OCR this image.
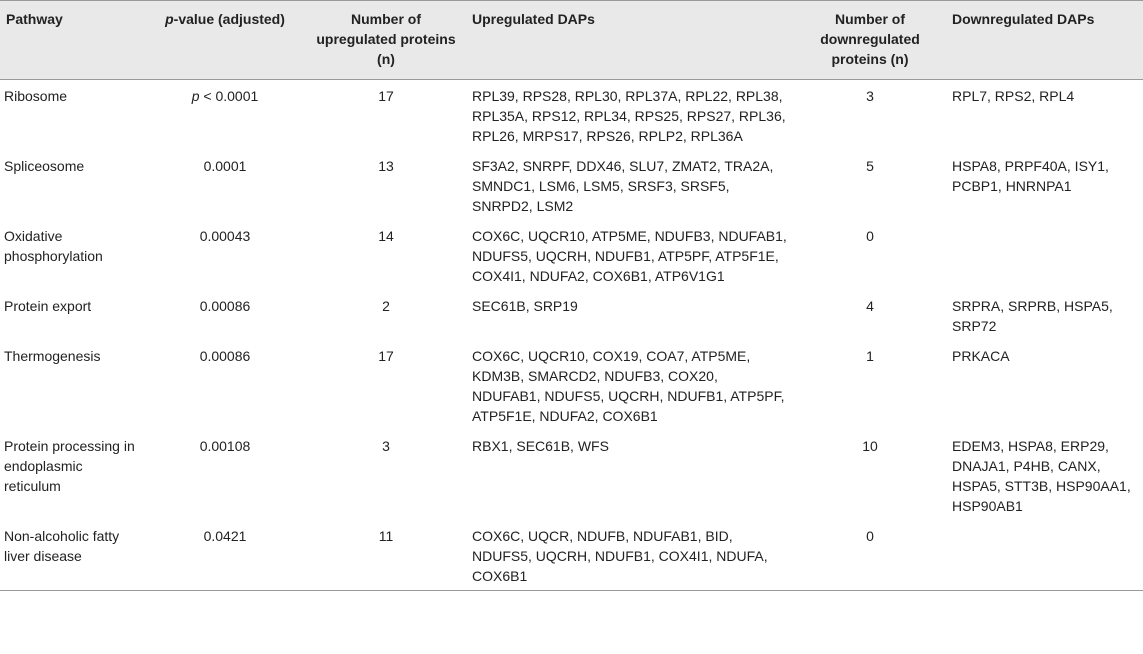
Pathway	p-value (adjusted)	Number of upregulated proteins (n)	Upregulated DAPs	Number of downregulated proteins (n)	Downregulated DAPs
Ribosome	p < 0.0001	17	RPL39, RPS28, RPL30, RPL37A, RPL22, RPL38, RPL35A, RPS12, RPL34, RPS25, RPS27, RPL36, RPL26, MRPS17, RPS26, RPLP2, RPL36A	3	RPL7, RPS2, RPL4
Spliceosome	0.0001	13	SF3A2, SNRPF, DDX46, SLU7, ZMAT2, TRA2A, SMNDC1, LSM6, LSM5, SRSF3, SRSF5, SNRPD2, LSM2	5	HSPA8, PRPF40A, ISY1, PCBP1, HNRNPA1
Oxidative phosphorylation	0.00043	14	COX6C, UQCR10, ATP5ME, NDUFB3, NDUFAB1, NDUFS5, UQCRH, NDUFB1, ATP5PF, ATP5F1E, COX4I1, NDUFA2, COX6B1, ATP6V1G1	0	
Protein export	0.00086	2	SEC61B, SRP19	4	SRPRA, SRPRB, HSPA5, SRP72
Thermogenesis	0.00086	17	COX6C, UQCR10, COX19, COA7, ATP5ME, KDM3B, SMARCD2, NDUFB3, COX20, NDUFAB1, NDUFS5, UQCRH, NDUFB1, ATP5PF, ATP5F1E, NDUFA2, COX6B1	1	PRKACA
Protein processing in endoplasmic reticulum	0.00108	3	RBX1, SEC61B, WFS	10	EDEM3, HSPA8, ERP29, DNAJA1, P4HB, CANX, HSPA5, STT3B, HSP90AA1, HSP90AB1
Non-alcoholic fatty liver disease	0.0421	11	COX6C, UQCR, NDUFB, NDUFAB1, BID, NDUFS5, UQCRH, NDUFB1, COX4I1, NDUFA, COX6B1	0	
